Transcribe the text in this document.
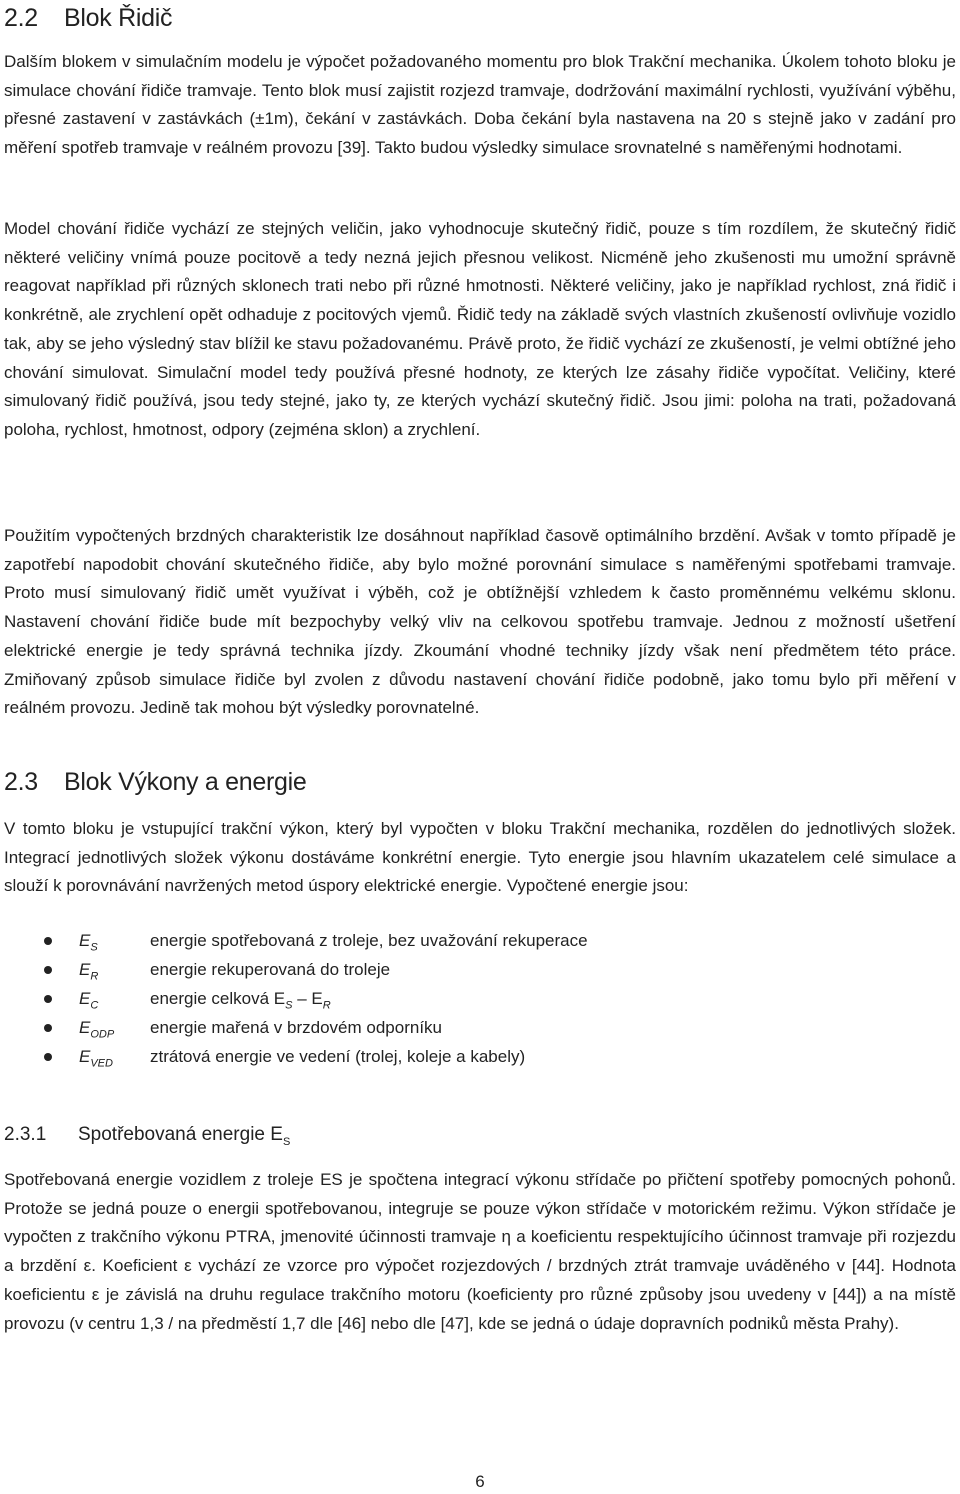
2.2 Blok Řidič

Dalším blokem v simulačním modelu je výpočet požadovaného momentu pro blok Trakční mechanika. Úkolem tohoto bloku je simulace chování řidiče tramvaje. Tento blok musí zajistit rozjezd tramvaje, dodržování maximální rychlosti, využívání výběhu, přesné zastavení v zastávkách (±1m), čekání v zastávkách. Doba čekání byla nastavena na 20 s stejně jako v zadání pro měření spotřeb tramvaje v reálném provozu [39]. Takto budou výsledky simulace srovnatelné s naměřenými hodnotami.

Model chování řidiče vychází ze stejných veličin, jako vyhodnocuje skutečný řidič, pouze s tím rozdílem, že skutečný řidič některé veličiny vnímá pouze pocitově a tedy nezná jejich přesnou velikost. Nicméně jeho zkušenosti mu umožní správně reagovat například při různých sklonech trati nebo při různé hmotnosti. Některé veličiny, jako je například rychlost, zná řidič i konkrétně, ale zrychlení opět odhaduje z pocitových vjemů. Řidič tedy na základě svých vlastních zkušeností ovlivňuje vozidlo tak, aby se jeho výsledný stav blížil ke stavu požadovanému. Právě proto, že řidič vychází ze zkušeností, je velmi obtížné jeho chování simulovat. Simulační model tedy používá přesné hodnoty, ze kterých lze zásahy řidiče vypočítat. Veličiny, které simulovaný řidič používá, jsou tedy stejné, jako ty, ze kterých vychází skutečný řidič. Jsou jimi: poloha na trati, požadovaná poloha, rychlost, hmotnost, odpory (zejména sklon) a zrychlení.

Použitím vypočtených brzdných charakteristik lze dosáhnout například časově optimálního brzdění. Avšak v tomto případě je zapotřebí napodobit chování skutečného řidiče, aby bylo možné porovnání simulace s naměřenými spotřebami tramvaje. Proto musí simulovaný řidič umět využívat i výběh, což je obtížnější vzhledem k často proměnnému velkému sklonu. Nastavení chování řidiče bude mít bezpochyby velký vliv na celkovou spotřebu tramvaje. Jednou z možností ušetření elektrické energie je tedy správná technika jízdy. Zkoumání vhodné techniky jízdy však není předmětem této práce. Zmiňovaný způsob simulace řidiče byl zvolen z důvodu nastavení chování řidiče podobně, jako tomu bylo při měření v reálném provozu. Jedině tak mohou být výsledky porovnatelné.

2.3 Blok Výkony a energie

V tomto bloku je vstupující trakční výkon, který byl vypočten v bloku Trakční mechanika, rozdělen do jednotlivých složek. Integrací jednotlivých složek výkonu dostáváme konkrétní energie. Tyto energie jsou hlavním ukazatelem celé simulace a slouží k porovnávání navržených metod úspory elektrické energie. Vypočtené energie jsou:

$E_S$	energie spotřebovaná z troleje, bez uvažování rekuperace
$E_R$	energie rekuperovaná do troleje
$E_C$	energie celková $E_S - E_R$
$E_{ODP}$ energie mařená v brzdovém odporníku
$E_{VED}$ ztrátová energie ve vedení (trolej, koleje a kabely)
2.3.1 Spotřebovaná energie $E_S$

Spotřebovaná energie vozidlem z troleje ES je spočtena integrací výkonu střídače po přičtení spotřeby pomocných pohonů. Protože se jedná pouze o energii spotřebovanou, integruje se pouze výkon střídače v motorickém režimu. Výkon střídače je vypočten z trakčního výkonu PTRA, jmenovité účinnosti tramvaje η a koeficientu respektujícího účinnost tramvaje při rozjezdu a brzdění ε. Koeficient ε vychází ze vzorce pro výpočet rozjezdových / brzdných ztrát tramvaje uváděného v [44]. Hodnota koeficientu ε je závislá na druhu regulace trakčního motoru (koeficienty pro různé způsoby jsou uvedeny v [44]) a na místě provozu (v centru 1,3 / na předměstí 1,7 dle [46] nebo dle [47], kde se jedná o údaje dopravních podniků města Prahy).

6
